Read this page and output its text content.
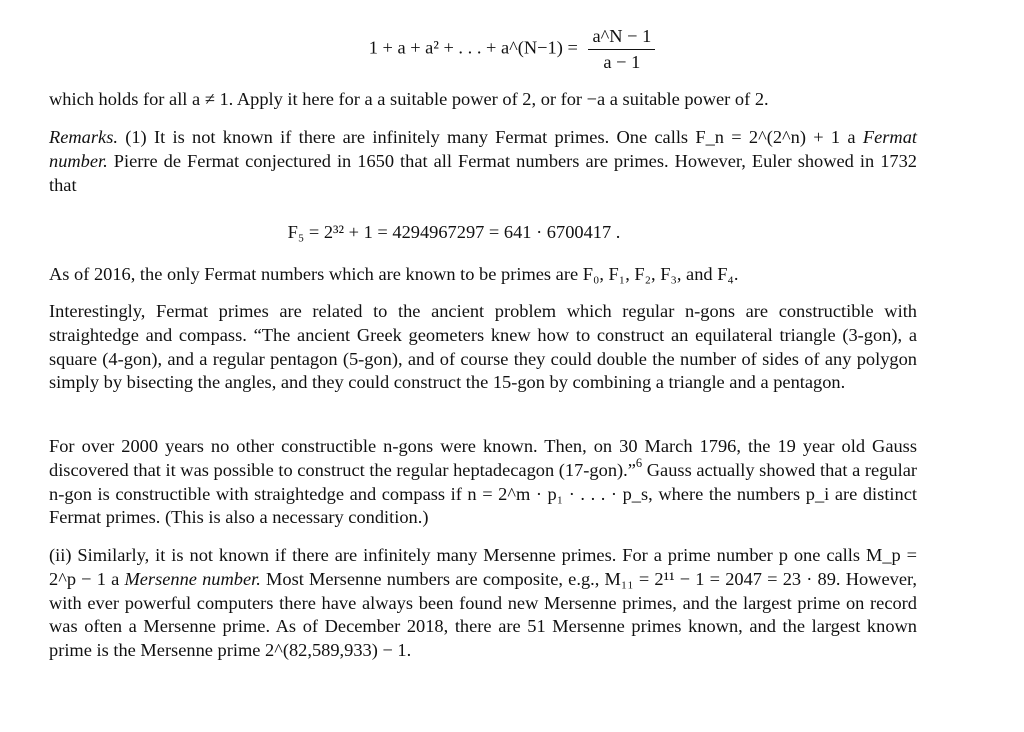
1 + a + a² + . . . + a^(N−1) = $\frac{a\^{}N - 1}{a - 1}$
which holds for all a ≠ 1. Apply it here for a a suitable power of 2, or for −a a suitable power of 2.
Remarks. (1) It is not known if there are infinitely many Fermat primes. One calls F_n = 2^(2^n) + 1 a Fermat number. Pierre de Fermat conjectured in 1650 that all Fermat numbers are primes. However, Euler showed in 1732 that
F₅ = 2³² + 1 = 4294967297 = 641 · 6700417 .
As of 2016, the only Fermat numbers which are known to be primes are F₀, F₁, F₂, F₃, and F₄.
Interestingly, Fermat primes are related to the ancient problem which regular n-gons are constructible with straightedge and compass. “The ancient Greek geometers knew how to construct an equilateral triangle (3-gon), a square (4-gon), and a regular pentagon (5-gon), and of course they could double the number of sides of any polygon simply by bisecting the angles, and they could construct the 15-gon by combining a triangle and a pentagon.
For over 2000 years no other constructible n-gons were known. Then, on 30 March 1796, the 19 year old Gauss discovered that it was possible to construct the regular heptadecagon (17-gon).”$^6$ Gauss actually showed that a regular n-gon is constructible with straightedge and compass if n = 2^m · p₁ · . . . · p_s, where the numbers p_i are distinct Fermat primes. (This is also a necessary condition.)
(ii) Similarly, it is not known if there are infinitely many Mersenne primes. For a prime number p one calls M_p = 2^p − 1 a Mersenne number. Most Mersenne numbers are composite, e.g., M₁₁ = 2¹¹ − 1 = 2047 = 23 · 89. However, with ever powerful computers there have always been found new Mersenne primes, and the largest prime on record was often a Mersenne prime. As of December 2018, there are 51 Mersenne primes known, and the largest known prime is the Mersenne prime 2^(82,589,933) − 1.
